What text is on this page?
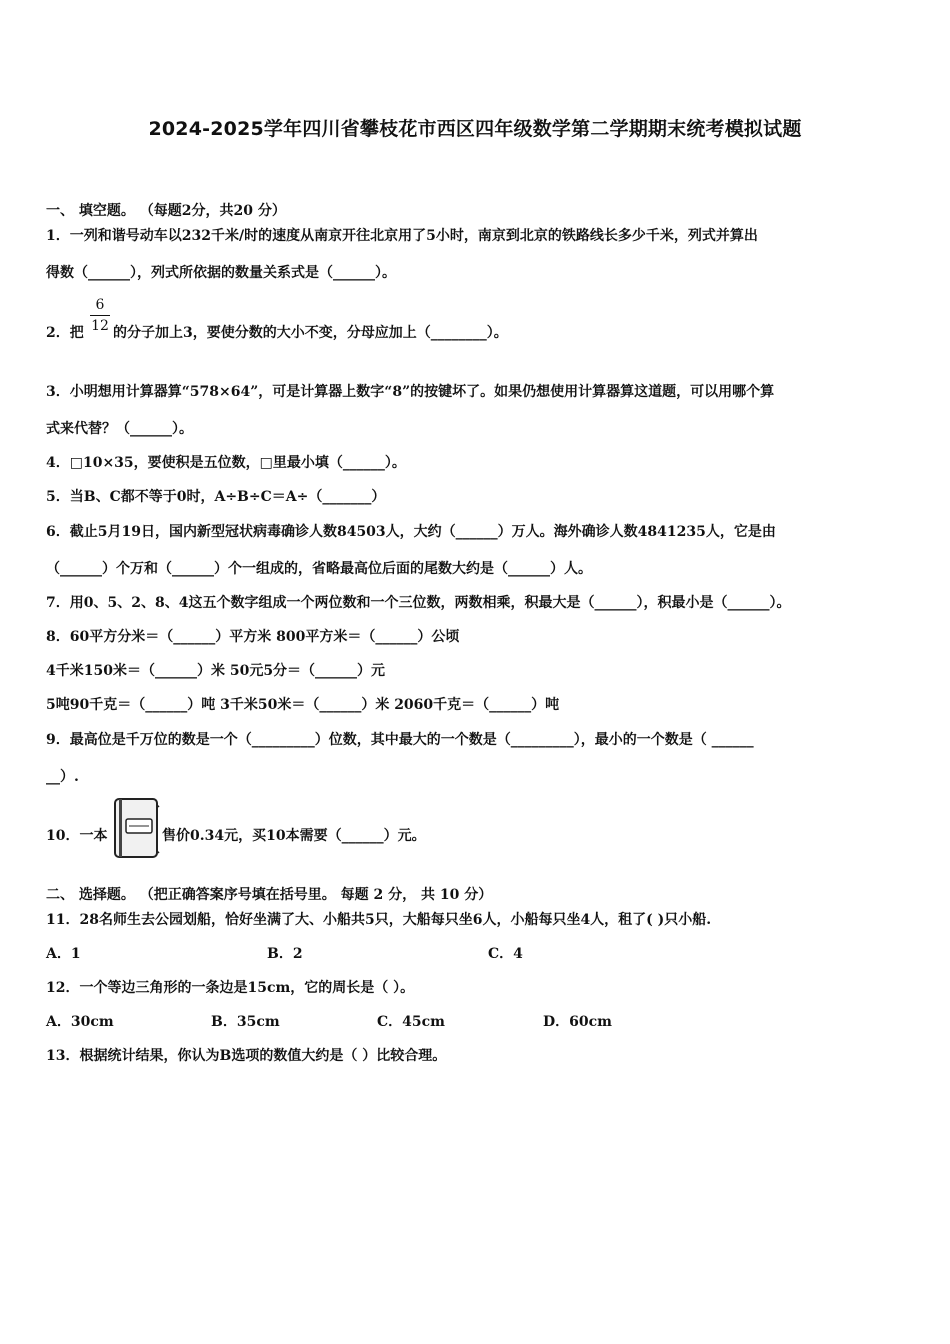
2024-2025学年四川省攀枝花市西区四年级数学第二学期期末统考模拟试题
一、 填空题。 （每题2分，共20 分）
1．一列和谐号动车以232千米/时的速度从南京开往北京用了5小时，南京到北京的铁路线长多少千米，列式并算出
得数（______），列式所依据的数量关系式是（______）。
2．把
6
12 的分子加上3，要使分数的大小不变，分母应加上（________）。
3．小明想用计算器算“578×64”，可是计算器上数字“8”的按键坏了。如果仍想使用计算器算这道题，可以用哪个算
式来代替？（______）。
4．□10×35，要使积是五位数，□里最小填（______）。
5．当B、C都不等于0时，A÷B÷C＝A÷（_______）
6．截止5月19日，国内新型冠状病毒确诊人数84503人，大约（______）万人。海外确诊人数4841235人，它是由
（______）个万和（______）个一组成的，省略最高位后面的尾数大约是（______）人。
7．用0、5、2、8、4这五个数字组成一个两位数和一个三位数，两数相乘，积最大是（______），积最小是（______）。
8．60平方分米＝（______）平方米 800平方米＝（______）公顷
4千米150米＝（______）米 50元5分＝（______）元
5吨90千克＝（______）吨 3千米50米＝（______）米 2060千克＝（______）吨
9．最高位是千万位的数是一个（_________）位数，其中最大的一个数是（_________），最小的一个数是（ ______
__）.
10．一本	售价0.34元，买10本需要（______）元。
二、 选择题。 （把正确答案序号填在括号里。 每题 2 分， 共 10 分）
11．28名师生去公园划船，恰好坐满了大、小船共5只，大船每只坐6人，小船每只坐4人，租了( )只小船.
A．1	B．2	C．4
12．一个等边三角形的一条边是15cm，它的周长是（ ）。
A．30cm	B．35cm	C．45cm	D．60cm
13．根据统计结果，你认为B选项的数值大约是（ ）比较合理。
